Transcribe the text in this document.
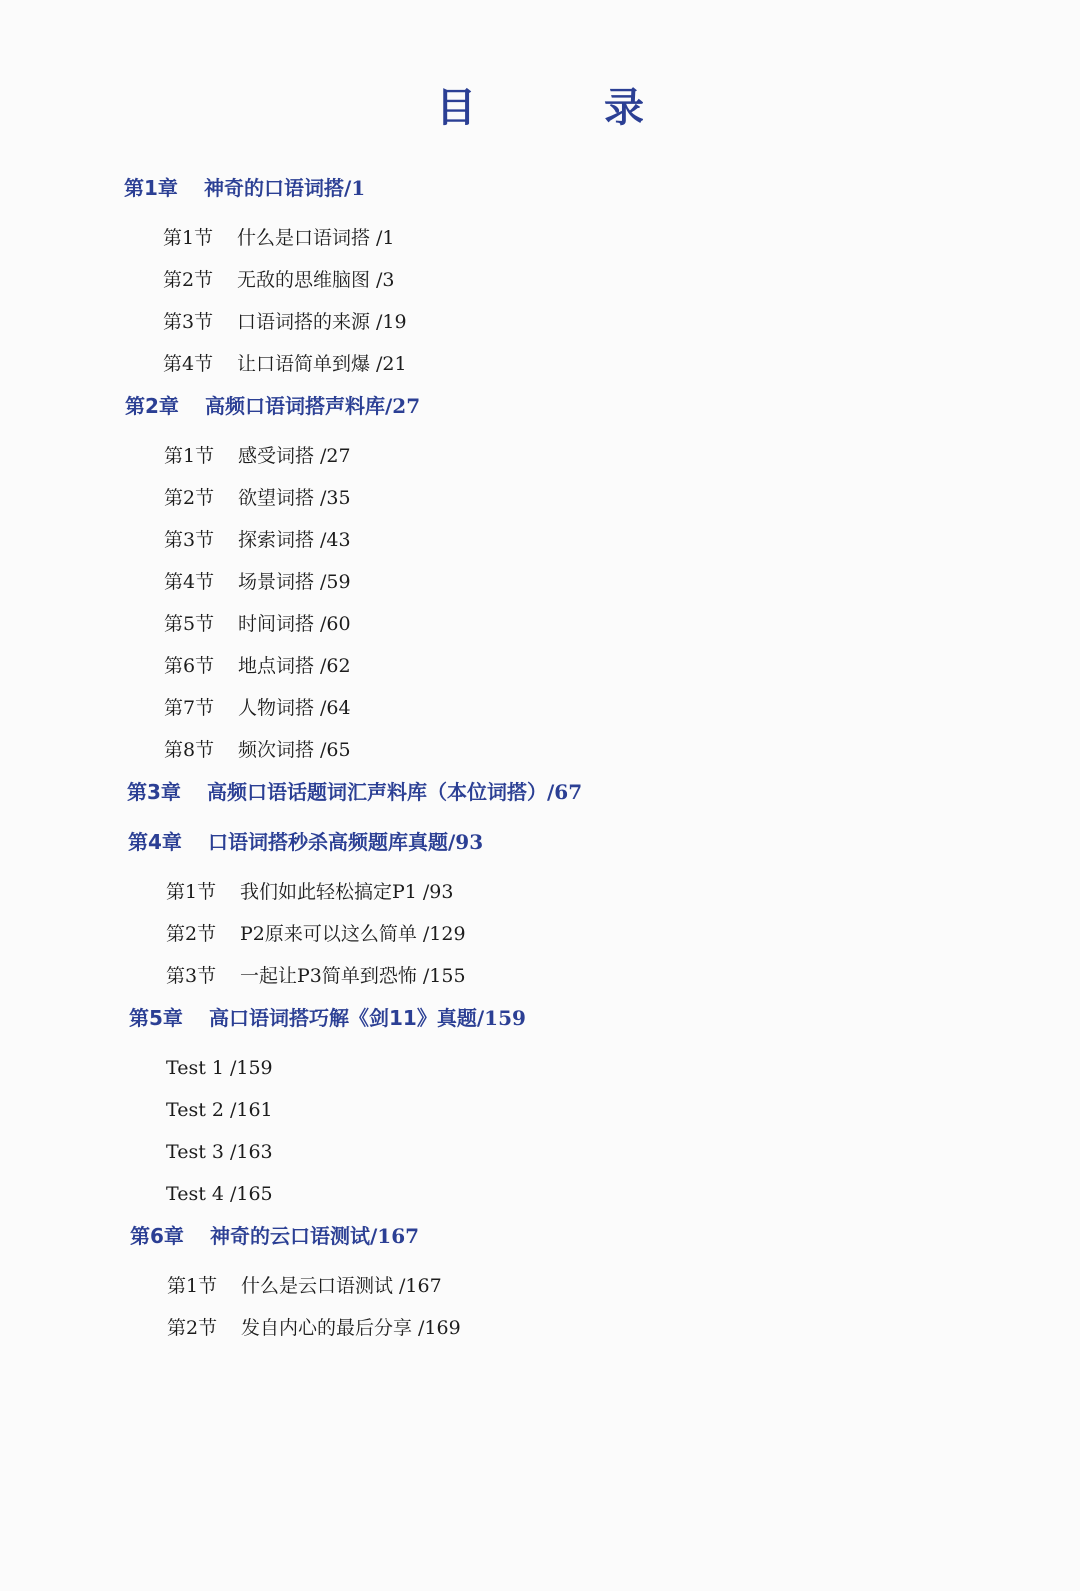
目　录
第1章 神奇的口语词搭/1
第1节 什么是口语词搭 /1
第2节 无敌的思维脑图 /3
第3节 口语词搭的来源 /19
第4节 让口语简单到爆 /21
第2章 高频口语词搭声料库/27
第1节 感受词搭 /27
第2节 欲望词搭 /35
第3节 探索词搭 /43
第4节 场景词搭 /59
第5节 时间词搭 /60
第6节 地点词搭 /62
第7节 人物词搭 /64
第8节 频次词搭 /65
第3章 高频口语话题词汇声料库（本位词搭）/67
第4章 口语词搭秒杀高频题库真题/93
第1节 我们如此轻松搞定P1 /93
第2节 P2原来可以这么简单 /129
第3节 一起让P3简单到恐怖 /155
第5章 高口语词搭巧解《剑11》真题/159
Test 1 /159
Test 2 /161
Test 3 /163
Test 4 /165
第6章 神奇的云口语测试/167
第1节 什么是云口语测试 /167
第2节 发自内心的最后分享 /169
